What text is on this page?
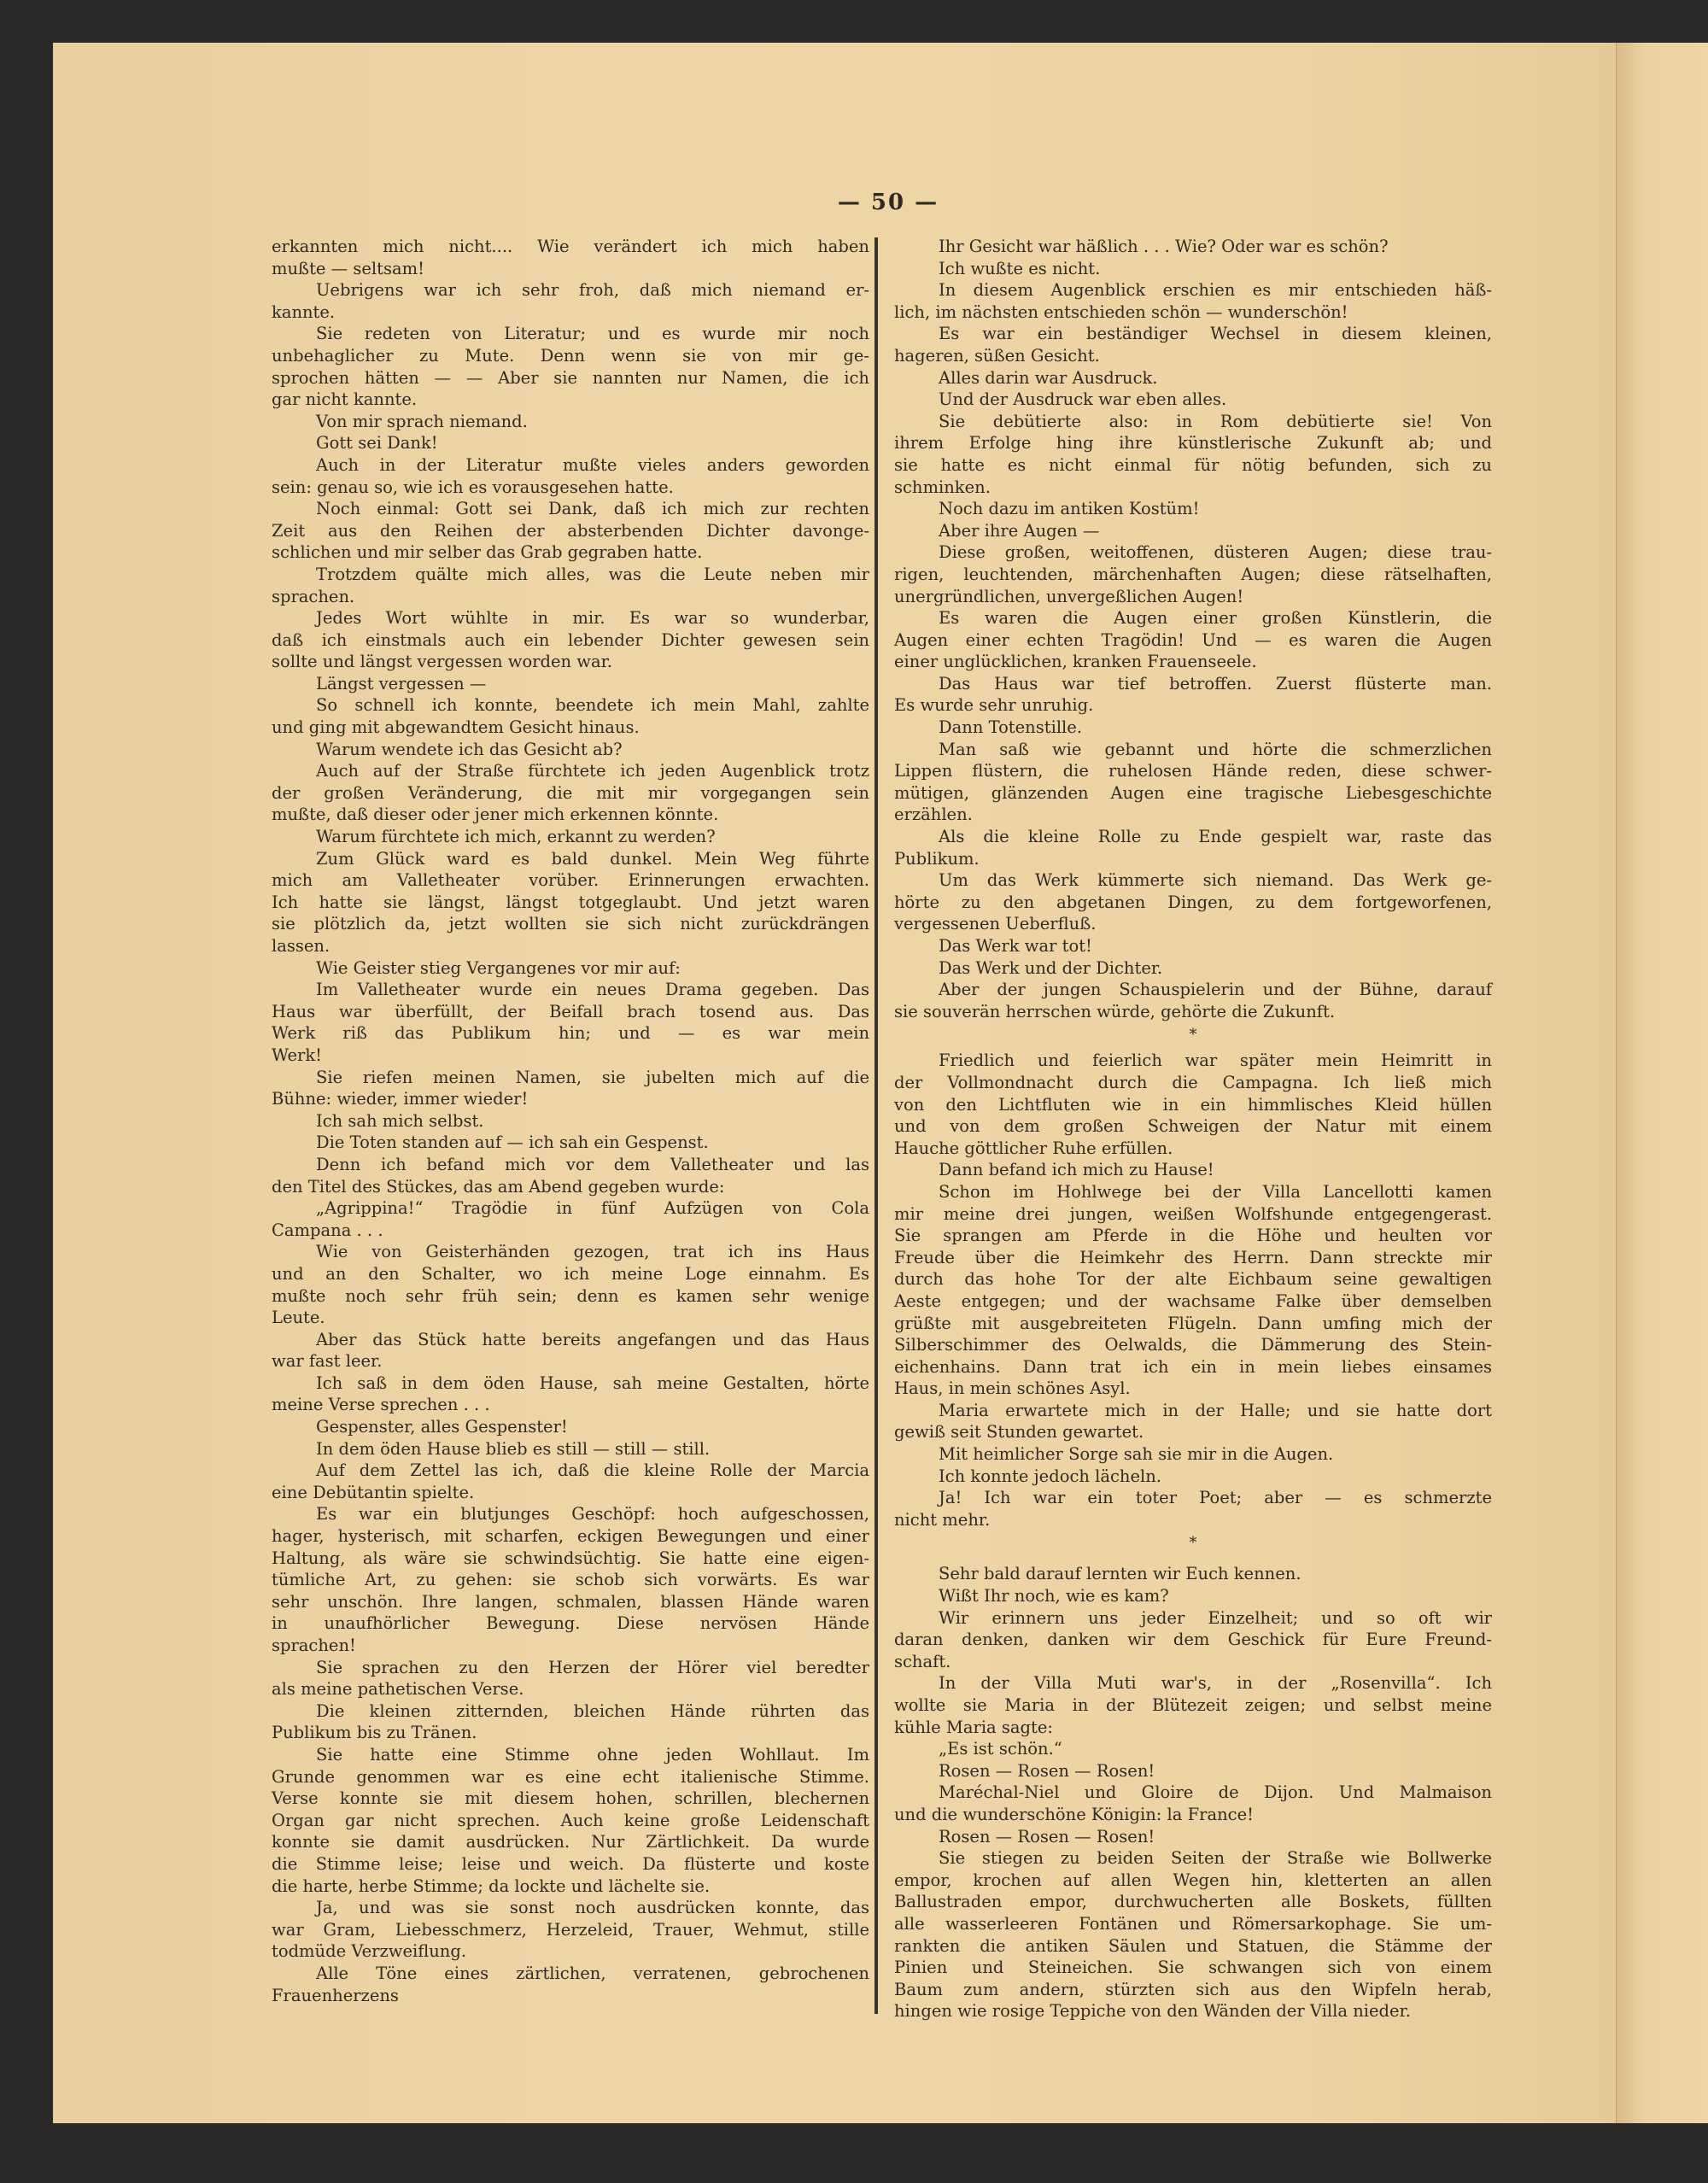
— 50 —
erkannten mich nicht.... Wie verändert ich mich haben
mußte — seltsam!
Uebrigens war ich sehr froh, daß mich niemand er-
kannte.
Sie redeten von Literatur; und es wurde mir noch
unbehaglicher zu Mute. Denn wenn sie von mir ge-
sprochen hätten — — Aber sie nannten nur Namen, die ich
gar nicht kannte.
Von mir sprach niemand.
Gott sei Dank!
Auch in der Literatur mußte vieles anders geworden
sein: genau so, wie ich es vorausgesehen hatte.
Noch einmal: Gott sei Dank, daß ich mich zur rechten
Zeit aus den Reihen der absterbenden Dichter davonge-
schlichen und mir selber das Grab gegraben hatte.
Trotzdem quälte mich alles, was die Leute neben mir
sprachen.
Jedes Wort wühlte in mir. Es war so wunderbar,
daß ich einstmals auch ein lebender Dichter gewesen sein
sollte und längst vergessen worden war.
Längst vergessen —
So schnell ich konnte, beendete ich mein Mahl, zahlte
und ging mit abgewandtem Gesicht hinaus.
Warum wendete ich das Gesicht ab?
Auch auf der Straße fürchtete ich jeden Augenblick trotz
der großen Veränderung, die mit mir vorgegangen sein
mußte, daß dieser oder jener mich erkennen könnte.
Warum fürchtete ich mich, erkannt zu werden?
Zum Glück ward es bald dunkel. Mein Weg führte
mich am Valletheater vorüber. Erinnerungen erwachten.
Ich hatte sie längst, längst totgeglaubt. Und jetzt waren
sie plötzlich da, jetzt wollten sie sich nicht zurückdrängen
lassen.
Wie Geister stieg Vergangenes vor mir auf:
Im Valletheater wurde ein neues Drama gegeben. Das
Haus war überfüllt, der Beifall brach tosend aus. Das
Werk riß das Publikum hin; und — es war mein
Werk!
Sie riefen meinen Namen, sie jubelten mich auf die
Bühne: wieder, immer wieder!
Ich sah mich selbst.
Die Toten standen auf — ich sah ein Gespenst.
Denn ich befand mich vor dem Valletheater und las
den Titel des Stückes, das am Abend gegeben wurde:
„Agrippina!“ Tragödie in fünf Aufzügen von Cola
Campana . . .
Wie von Geisterhänden gezogen, trat ich ins Haus
und an den Schalter, wo ich meine Loge einnahm. Es
mußte noch sehr früh sein; denn es kamen sehr wenige
Leute.
Aber das Stück hatte bereits angefangen und das Haus
war fast leer.
Ich saß in dem öden Hause, sah meine Gestalten, hörte
meine Verse sprechen . . .
Gespenster, alles Gespenster!
In dem öden Hause blieb es still — still — still.
Auf dem Zettel las ich, daß die kleine Rolle der Marcia
eine Debütantin spielte.
Es war ein blutjunges Geschöpf: hoch aufgeschossen,
hager, hysterisch, mit scharfen, eckigen Bewegungen und einer
Haltung, als wäre sie schwindsüchtig. Sie hatte eine eigen-
tümliche Art, zu gehen: sie schob sich vorwärts. Es war
sehr unschön. Ihre langen, schmalen, blassen Hände waren
in unaufhörlicher Bewegung. Diese nervösen Hände
sprachen!
Sie sprachen zu den Herzen der Hörer viel beredter
als meine pathetischen Verse.
Die kleinen zitternden, bleichen Hände rührten das
Publikum bis zu Tränen.
Sie hatte eine Stimme ohne jeden Wohllaut. Im
Grunde genommen war es eine echt italienische Stimme.
Verse konnte sie mit diesem hohen, schrillen, blechernen
Organ gar nicht sprechen. Auch keine große Leidenschaft
konnte sie damit ausdrücken. Nur Zärtlichkeit. Da wurde
die Stimme leise; leise und weich. Da flüsterte und koste
die harte, herbe Stimme; da lockte und lächelte sie.
Ja, und was sie sonst noch ausdrücken konnte, das
war Gram, Liebesschmerz, Herzeleid, Trauer, Wehmut, stille
todmüde Verzweiflung.
Alle Töne eines zärtlichen, verratenen, gebrochenen
Frauenherzens
Ihr Gesicht war häßlich . . . Wie? Oder war es schön?
Ich wußte es nicht.
In diesem Augenblick erschien es mir entschieden häß-
lich, im nächsten entschieden schön — wunderschön!
Es war ein beständiger Wechsel in diesem kleinen,
hageren, süßen Gesicht.
Alles darin war Ausdruck.
Und der Ausdruck war eben alles.
Sie debütierte also: in Rom debütierte sie! Von
ihrem Erfolge hing ihre künstlerische Zukunft ab; und
sie hatte es nicht einmal für nötig befunden, sich zu
schminken.
Noch dazu im antiken Kostüm!
Aber ihre Augen —
Diese großen, weitoffenen, düsteren Augen; diese trau-
rigen, leuchtenden, märchenhaften Augen; diese rätselhaften,
unergründlichen, unvergeßlichen Augen!
Es waren die Augen einer großen Künstlerin, die
Augen einer echten Tragödin! Und — es waren die Augen
einer unglücklichen, kranken Frauenseele.
Das Haus war tief betroffen. Zuerst flüsterte man.
Es wurde sehr unruhig.
Dann Totenstille.
Man saß wie gebannt und hörte die schmerzlichen
Lippen flüstern, die ruhelosen Hände reden, diese schwer-
mütigen, glänzenden Augen eine tragische Liebesgeschichte
erzählen.
Als die kleine Rolle zu Ende gespielt war, raste das
Publikum.
Um das Werk kümmerte sich niemand. Das Werk ge-
hörte zu den abgetanen Dingen, zu dem fortgeworfenen,
vergessenen Ueberfluß.
Das Werk war tot!
Das Werk und der Dichter.
Aber der jungen Schauspielerin und der Bühne, darauf
sie souverän herrschen würde, gehörte die Zukunft.
*
Friedlich und feierlich war später mein Heimritt in
der Vollmondnacht durch die Campagna. Ich ließ mich
von den Lichtfluten wie in ein himmlisches Kleid hüllen
und von dem großen Schweigen der Natur mit einem
Hauche göttlicher Ruhe erfüllen.
Dann befand ich mich zu Hause!
Schon im Hohlwege bei der Villa Lancellotti kamen
mir meine drei jungen, weißen Wolfshunde entgegengerast.
Sie sprangen am Pferde in die Höhe und heulten vor
Freude über die Heimkehr des Herrn. Dann streckte mir
durch das hohe Tor der alte Eichbaum seine gewaltigen
Aeste entgegen; und der wachsame Falke über demselben
grüßte mit ausgebreiteten Flügeln. Dann umfing mich der
Silberschimmer des Oelwalds, die Dämmerung des Stein-
eichenhains. Dann trat ich ein in mein liebes einsames
Haus, in mein schönes Asyl.
Maria erwartete mich in der Halle; und sie hatte dort
gewiß seit Stunden gewartet.
Mit heimlicher Sorge sah sie mir in die Augen.
Ich konnte jedoch lächeln.
Ja! Ich war ein toter Poet; aber — es schmerzte
nicht mehr.
*
Sehr bald darauf lernten wir Euch kennen.
Wißt Ihr noch, wie es kam?
Wir erinnern uns jeder Einzelheit; und so oft wir
daran denken, danken wir dem Geschick für Eure Freund-
schaft.
In der Villa Muti war's, in der „Rosenvilla“. Ich
wollte sie Maria in der Blütezeit zeigen; und selbst meine
kühle Maria sagte:
„Es ist schön.“
Rosen — Rosen — Rosen!
Maréchal-Niel und Gloire de Dijon. Und Malmaison
und die wunderschöne Königin: la France!
Rosen — Rosen — Rosen!
Sie stiegen zu beiden Seiten der Straße wie Bollwerke
empor, krochen auf allen Wegen hin, kletterten an allen
Ballustraden empor, durchwucherten alle Boskets, füllten
alle wasserleeren Fontänen und Römersarkophage. Sie um-
rankten die antiken Säulen und Statuen, die Stämme der
Pinien und Steineichen. Sie schwangen sich von einem
Baum zum andern, stürzten sich aus den Wipfeln herab,
hingen wie rosige Teppiche von den Wänden der Villa nieder.
